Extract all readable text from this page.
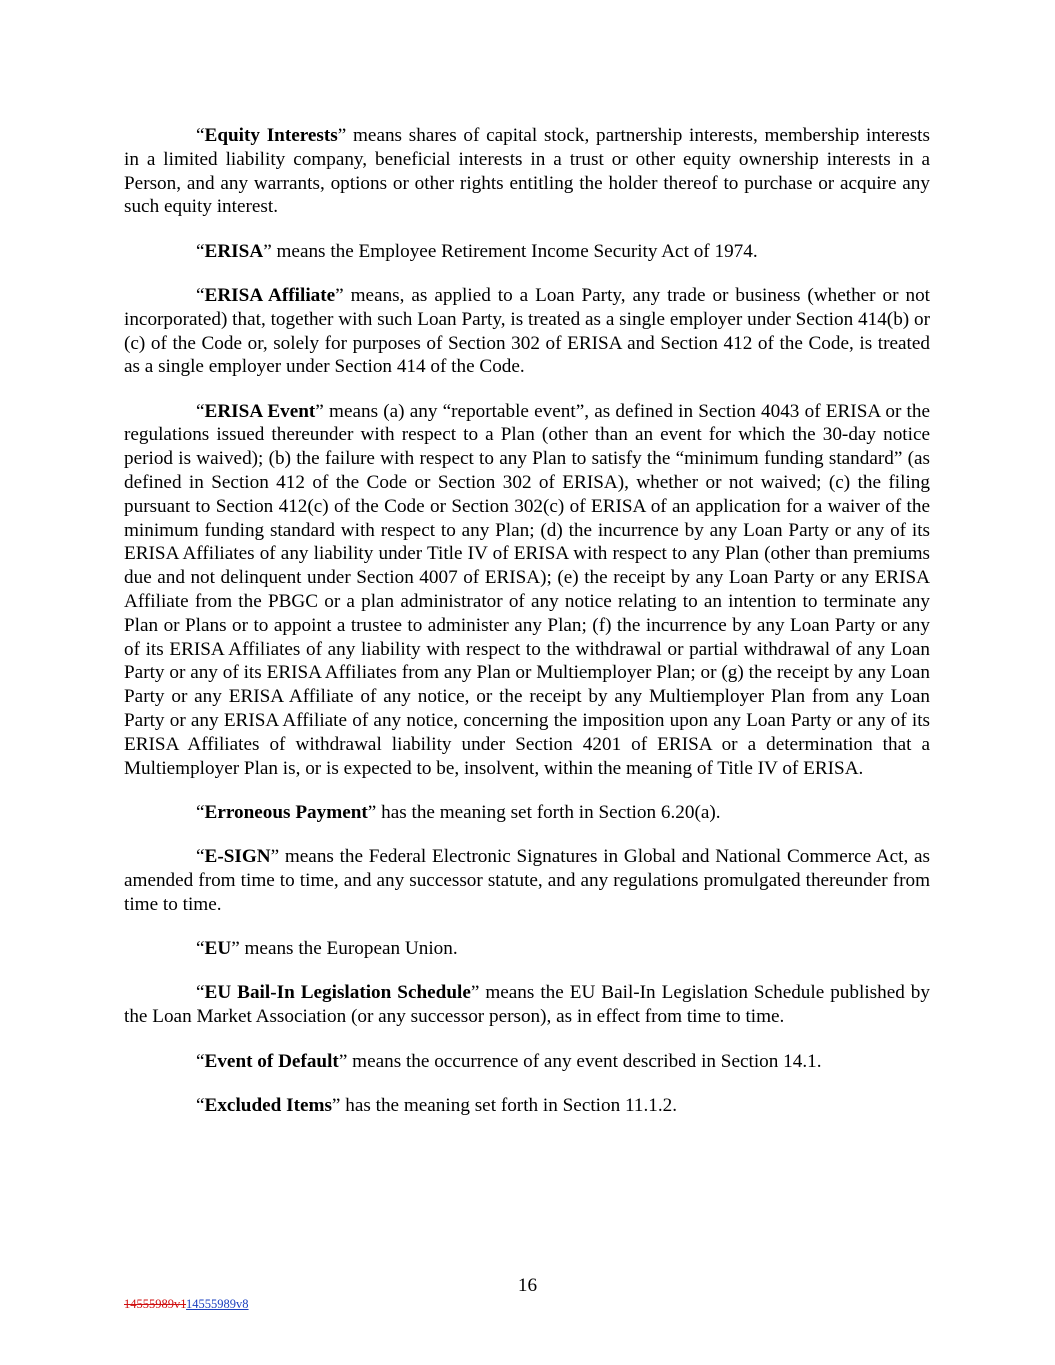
“Equity Interests” means shares of capital stock, partnership interests, membership interests in a limited liability company, beneficial interests in a trust or other equity ownership interests in a Person, and any warrants, options or other rights entitling the holder thereof to purchase or acquire any such equity interest.

“ERISA” means the Employee Retirement Income Security Act of 1974.

“ERISA Affiliate” means, as applied to a Loan Party, any trade or business (whether or not incorporated) that, together with such Loan Party, is treated as a single employer under Section 414(b) or (c) of the Code or, solely for purposes of Section 302 of ERISA and Section 412 of the Code, is treated as a single employer under Section 414 of the Code.

“ERISA Event” means (a) any “reportable event”, as defined in Section 4043 of ERISA or the regulations issued thereunder with respect to a Plan (other than an event for which the 30-day notice period is waived); (b) the failure with respect to any Plan to satisfy the “minimum funding standard” (as defined in Section 412 of the Code or Section 302 of ERISA), whether or not waived; (c) the filing pursuant to Section 412(c) of the Code or Section 302(c) of ERISA of an application for a waiver of the minimum funding standard with respect to any Plan; (d) the incurrence by any Loan Party or any of its ERISA Affiliates of any liability under Title IV of ERISA with respect to any Plan (other than premiums due and not delinquent under Section 4007 of ERISA); (e) the receipt by any Loan Party or any ERISA Affiliate from the PBGC or a plan administrator of any notice relating to an intention to terminate any Plan or Plans or to appoint a trustee to administer any Plan; (f) the incurrence by any Loan Party or any of its ERISA Affiliates of any liability with respect to the withdrawal or partial withdrawal of any Loan Party or any of its ERISA Affiliates from any Plan or Multiemployer Plan; or (g) the receipt by any Loan Party or any ERISA Affiliate of any notice, or the receipt by any Multiemployer Plan from any Loan Party or any ERISA Affiliate of any notice, concerning the imposition upon any Loan Party or any of its ERISA Affiliates of withdrawal liability under Section 4201 of ERISA or a determination that a Multiemployer Plan is, or is expected to be, insolvent, within the meaning of Title IV of ERISA.

“Erroneous Payment” has the meaning set forth in Section 6.20(a).

“E-SIGN” means the Federal Electronic Signatures in Global and National Commerce Act, as amended from time to time, and any successor statute, and any regulations promulgated thereunder from time to time.

“EU” means the European Union.

“EU Bail-In Legislation Schedule” means the EU Bail-In Legislation Schedule published by the Loan Market Association (or any successor person), as in effect from time to time.

“Event of Default” means the occurrence of any event described in Section 14.1.

“Excluded Items” has the meaning set forth in Section 11.1.2.

16
14555989v114555989v8
